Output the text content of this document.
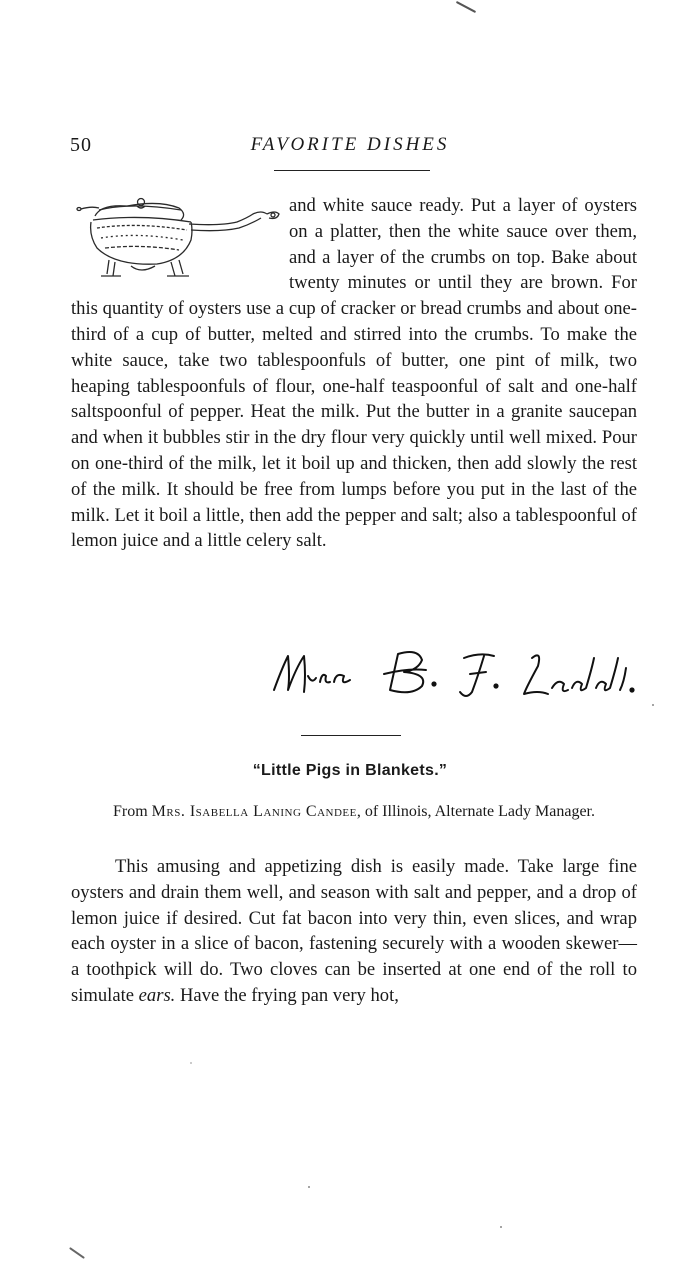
50	FAVORITE DISHES

and white sauce ready. Put a layer of oysters on a platter, then the white sauce over them, and a layer of the crumbs on top. Bake about twenty minutes or until they are brown. For this quantity of oysters use a cup of cracker or bread crumbs and about one-third of a cup of butter, melted and stirred into the crumbs. To make the white sauce, take two tablespoonfuls of butter, one pint of milk, two heaping tablespoonfuls of flour, one-half teaspoonful of salt and one-half saltspoonful of pepper. Heat the milk. Put the butter in a granite saucepan and when it bubbles stir in the dry flour very quickly until well mixed. Pour on one-third of the milk, let it boil up and thicken, then add slowly the rest of the milk. It should be free from lumps before you put in the last of the milk. Let it boil a little, then add the pepper and salt; also a tablespoonful of lemon juice and a little celery salt.

“Little Pigs in Blankets.”

From Mrs. Isabella Laning Candee, of Illinois, Alternate Lady Manager.

This amusing and appetizing dish is easily made. Take large fine oysters and drain them well, and season with salt and pepper, and a drop of lemon juice if desired. Cut fat bacon into very thin, even slices, and wrap each oyster in a slice of bacon, fastening securely with a wooden skewer—a toothpick will do. Two cloves can be inserted at one end of the roll to simulate ears. Have the frying pan very hot,
